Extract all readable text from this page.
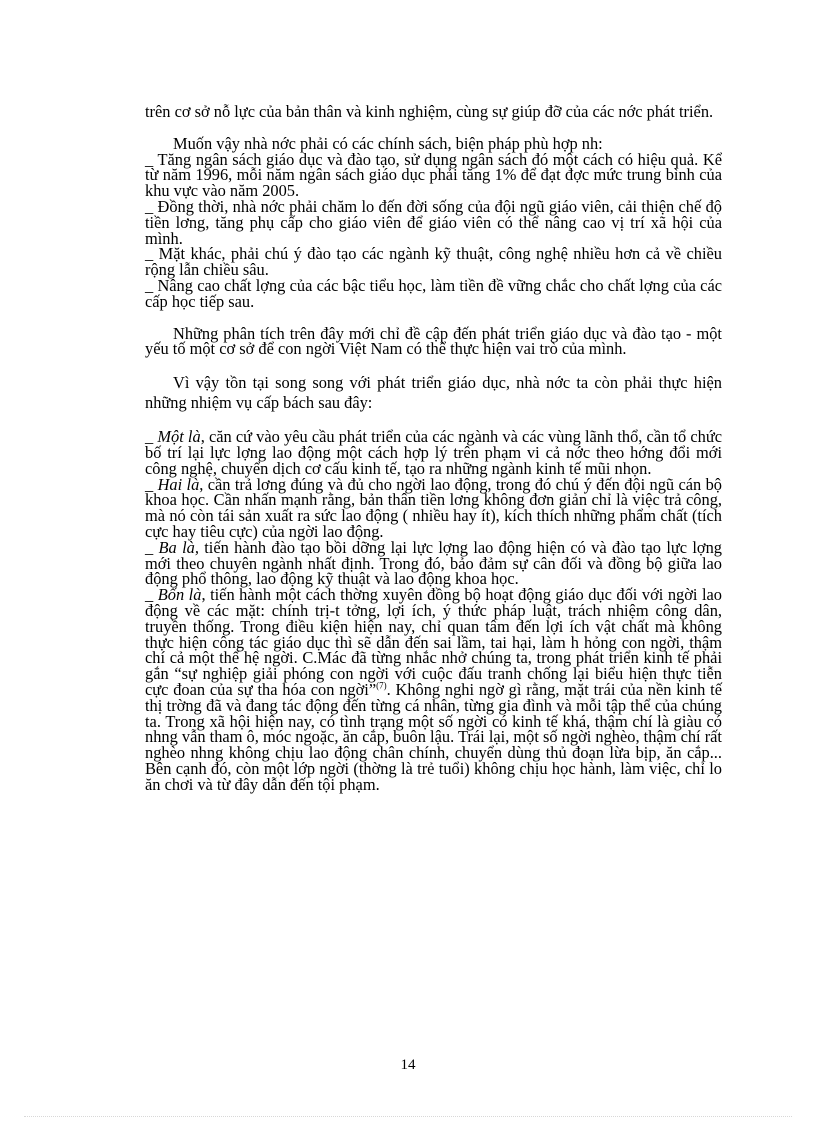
trên cơ sở nỗ lực của bản thân và kinh nghiệm, cùng sự giúp đỡ của các nớc phát triển.

Muốn vậy nhà nớc phải có các chính sách, biện pháp phù hợp nh:

_ Tăng ngân sách giáo dục và đào tạo, sử dụng ngân sách đó một cách có hiệu quả. Kể từ năm 1996, mỗi năm ngân sách giáo dục phải tăng 1% để đạt đợc mức trung bình của khu vực vào năm 2005.

_ Đồng thời, nhà nớc phải chăm lo đến đời sống của đội ngũ giáo viên, cải thiện chế độ tiền lơng, tăng phụ cấp cho giáo viên để giáo viên có thể nâng cao vị trí xã hội của mình.

_ Mặt khác, phải chú ý đào tạo các ngành kỹ thuật, công nghệ nhiều hơn cả về chiều rộng lẫn chiều sâu.

_ Nâng cao chất lợng của các bậc tiểu học, làm tiền đề vững chắc cho chất lợng của các cấp học tiếp sau.

Những phân tích trên đây mới chỉ đề cập đến phát triển giáo dục và đào tạo - một yếu tố một cơ sở để con ngời Việt Nam có thể thực hiện vai trò của mình.

Vì vậy tồn tại song song với phát triển giáo dục, nhà nớc ta còn phải thực hiện những nhiệm vụ cấp bách sau đây:

_ Một là, căn cứ vào yêu cầu phát triển của các ngành và các vùng lãnh thổ, cần tổ chức bố trí lại lực lợng lao động một cách hợp lý trên phạm vi cả nớc theo hớng đổi mới công nghệ, chuyển dịch cơ cấu kinh tế, tạo ra những ngành kinh tế mũi nhọn.

_ Hai là, cần trả lơng đúng và đủ cho ngời lao động, trong đó chú ý đến đội ngũ cán bộ khoa học. Cần nhấn mạnh rằng, bản thân tiền lơng không đơn giản chỉ là việc trả công, mà nó còn tái sản xuất ra sức lao động ( nhiều hay ít), kích thích những phẩm chất (tích cực hay tiêu cực) của ngời lao động.

_ Ba là, tiến hành đào tạo bồi dỡng lại lực lợng lao động hiện có và đào tạo lực lợng mới theo chuyên ngành nhất định. Trong đó, bảo đảm sự cân đối và đồng bộ giữa lao động phổ thông, lao động kỹ thuật và lao động khoa học.

_ Bốn là, tiến hành một cách thờng xuyên đồng bộ hoạt động giáo dục đối với ngời lao động về các mặt: chính trị-t tởng, lợi ích, ý thức pháp luật, trách nhiệm công dân, truyền thống. Trong điều kiện hiện nay, chỉ quan tâm đến lợi ích vật chất mà không thực hiện công tác giáo dục thì sẽ dẫn đến sai lầm, tai hại, làm h hỏng con ngời, thậm chí cả một thế hệ ngời. C.Mác đã từng nhắc nhở chúng ta, trong phát triển kinh tế phải gắn “sự nghiệp giải phóng con ngời với cuộc đấu tranh chống lại biểu hiện thực tiễn cực đoan của sự tha hóa con ngời”$^{(7)}$. Không nghi ngờ gì rằng, mặt trái của nền kinh tế thị trờng đã và đang tác động đến từng cá nhân, từng gia đình và mỗi tập thể của chúng ta. Trong xã hội hiện nay, có tình trạng một số ngời có kinh tế khá, thậm chí là giàu có nhng vẫn tham ô, móc ngoặc, ăn cắp, buôn lậu. Trái lại, một số ngời nghèo, thậm chí rất nghèo nhng không chịu lao động chân chính, chuyển dùng thủ đoạn lừa bịp, ăn cắp... Bên cạnh đó, còn một lớp ngời (thờng là trẻ tuổi) không chịu học hành, làm việc, chỉ lo ăn chơi và từ đây dẫn đến tội phạm.

14
